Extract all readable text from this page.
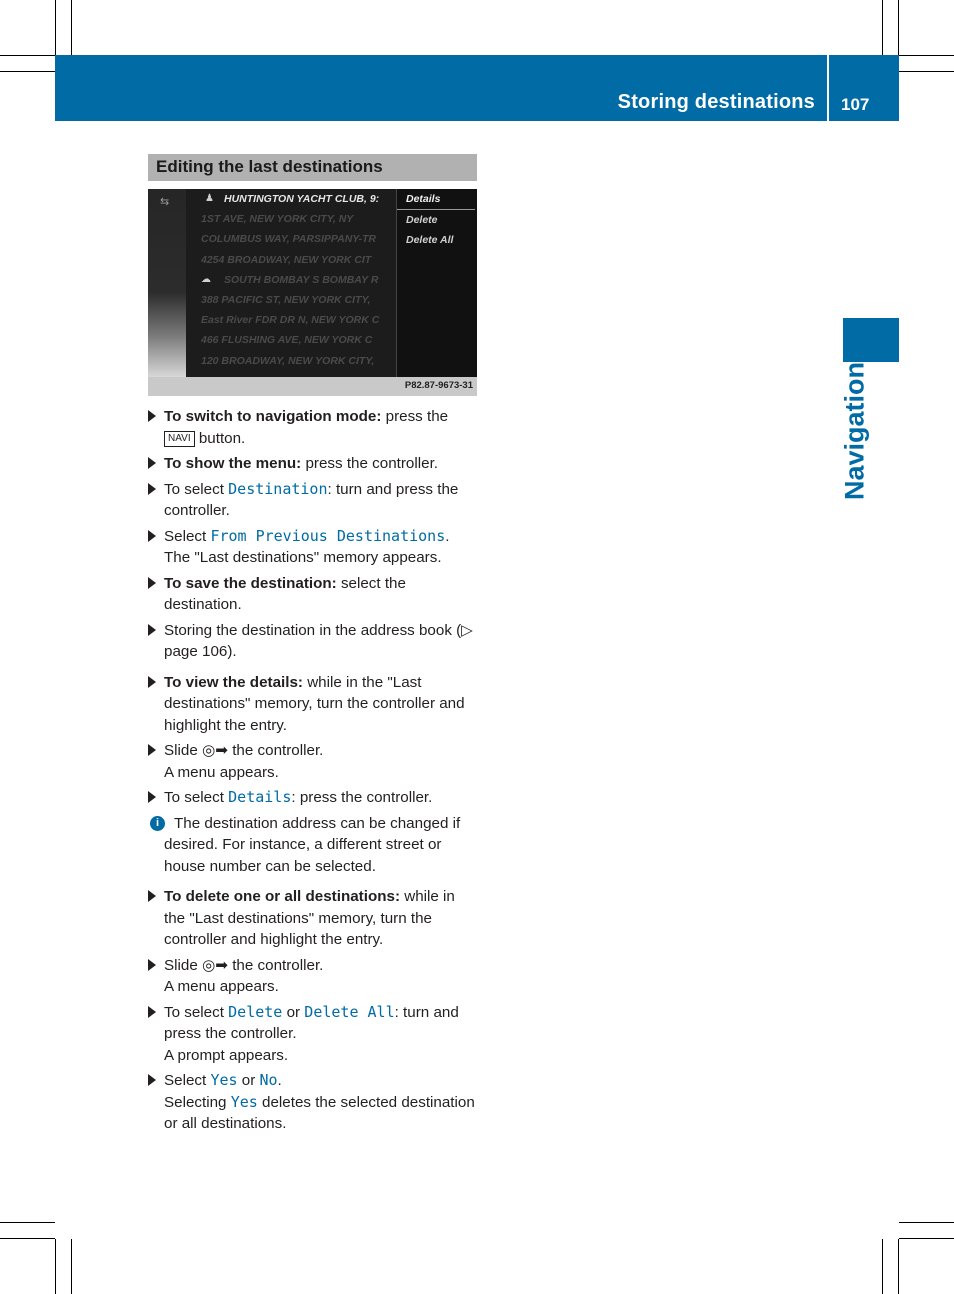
Storing destinations 107
Navigation
Editing the last destinations
⇆	♟ HUNTINGTON YACHT CLUB, 9:
1ST AVE, NEW YORK CITY, NY
COLUMBUS WAY, PARSIPPANY-TR
4254 BROADWAY, NEW YORK CIT
☁ SOUTH BOMBAY S BOMBAY R
388 PACIFIC ST, NEW YORK CITY,
East River FDR DR N, NEW YORK C
466 FLUSHING AVE, NEW YORK C
120 BROADWAY, NEW YORK CITY,
Details
Delete
Delete All
P82.87-9673-31
To switch to navigation mode: press the NAVI button.
To show the menu: press the controller.
To select Destination: turn and press the controller.
Select From Previous Destinations.
The "Last destinations" memory appears.
To save the destination: select the destination.
Storing the destination in the address book (▷ page 106).
To view the details: while in the "Last destinations" memory, turn the controller and highlight the entry.
Slide ◎➡ the controller.
A menu appears.
To select Details: press the controller.
i The destination address can be changed if desired. For instance, a different street or house number can be selected.
To delete one or all destinations: while in the "Last destinations" memory, turn the controller and highlight the entry.
Slide ◎➡ the controller.
A menu appears.
To select Delete or Delete All: turn and press the controller.
A prompt appears.
Select Yes or No.
Selecting Yes deletes the selected destination or all destinations.
